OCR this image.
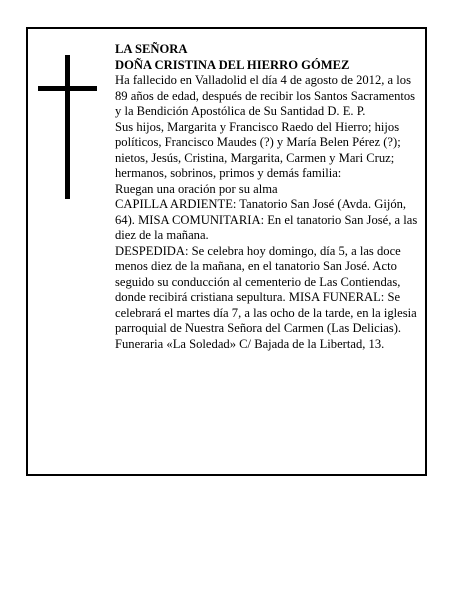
LA SEÑORA

DOÑA CRISTINA DEL HIERRO GÓMEZ

Ha fallecido en Valladolid el día 4 de agosto de 2012, a los 89 años de edad, después de recibir los Santos Sacramentos y la Bendición Apostólica de Su Santidad D. E. P.

Sus hijos, Margarita y Francisco Raedo del Hierro; hijos políticos, Francisco Maudes (?) y María Belen Pérez (?); nietos, Jesús, Cristina, Margarita, Carmen y Mari Cruz; hermanos, sobrinos, primos y demás familia:

Ruegan una oración por su alma

CAPILLA ARDIENTE: Tanatorio San José (Avda. Gijón, 64). MISA COMUNITARIA: En el tanatorio San José, a las diez de la mañana.

DESPEDIDA: Se celebra hoy domingo, día 5, a las doce menos diez de la mañana, en el tanatorio San José. Acto seguido su conducción al cementerio de Las Contiendas, donde recibirá cristiana sepultura. MISA FUNERAL: Se celebrará el martes día 7, a las ocho de la tarde, en la iglesia parroquial de Nuestra Señora del Carmen (Las Delicias).

Funeraria «La Soledad» C/ Bajada de la Libertad, 13.
